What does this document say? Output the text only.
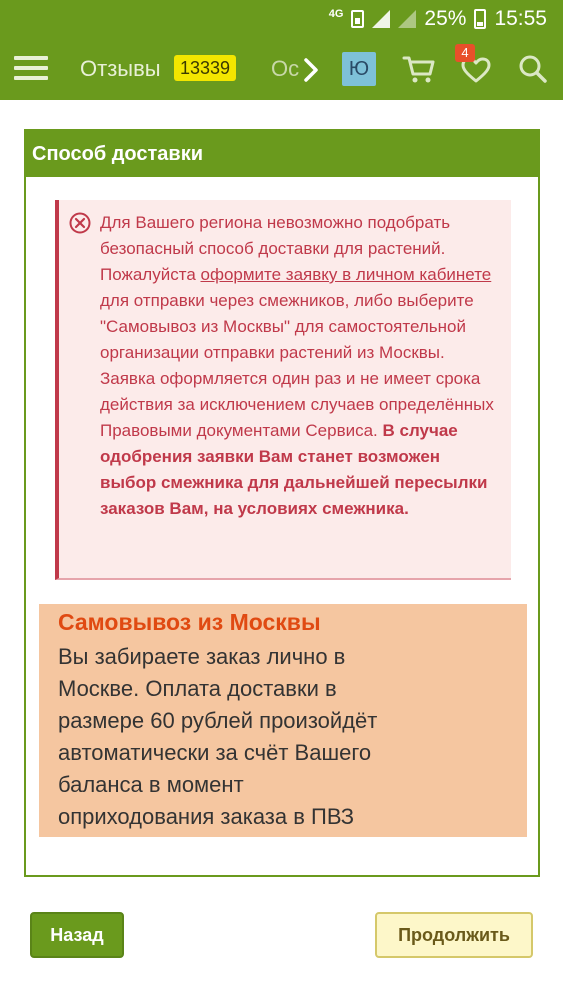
4G	25% 15:55
Отзывы	13339 Ос	Ю
4
Способ доставки
Для Вашего региона невозможно подобрать безопасный способ доставки для растений. Пожалуйста оформите заявку в личном кабинете для отправки через смежников, либо выберите "Самовывоз из Москвы" для самостоятельной организации отправки растений из Москвы. Заявка оформляется один раз и не имеет срока действия за исключением случаев определённых Правовыми документами Сервиса. В случае одобрения заявки Вам станет возможен выбор смежника для дальнейшей пересылки заказов Вам, на условиях смежника.
Самовывоз из Москвы
Вы забираете заказ лично в Москве. Оплата доставки в размере 60 рублей произойдёт автоматически за счёт Вашего баланса в момент оприходования заказа в ПВЗ
Назад	Продолжить
